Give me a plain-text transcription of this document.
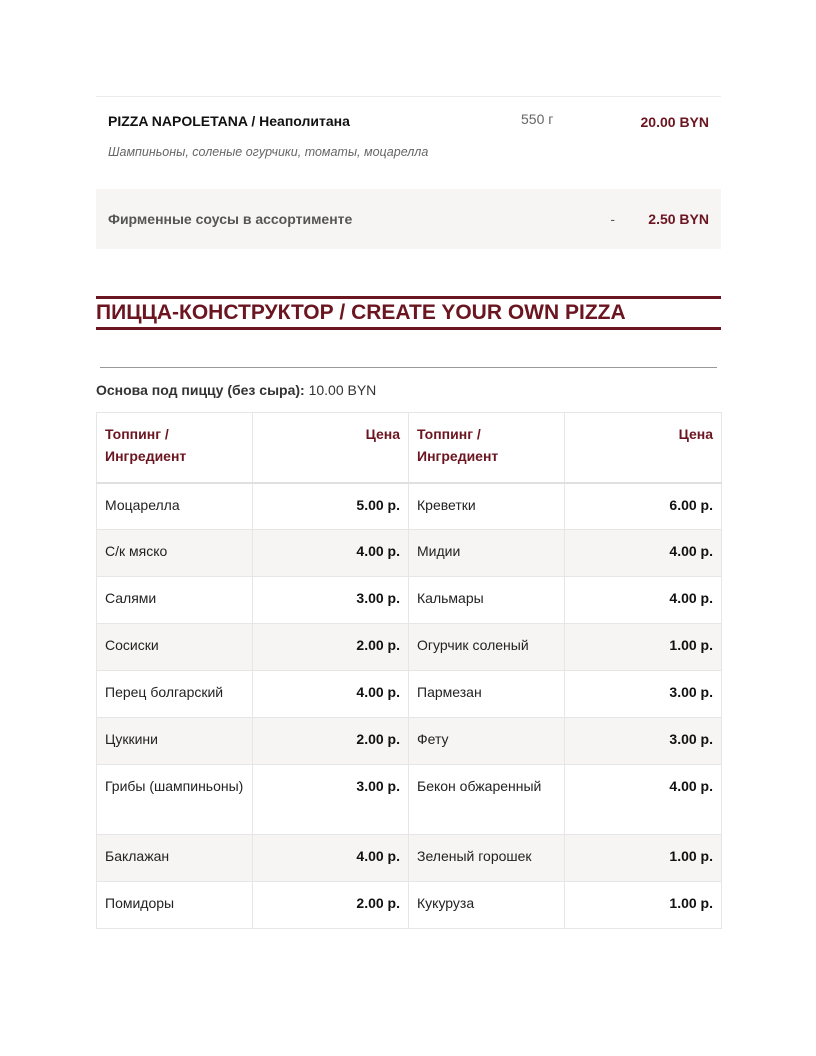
PIZZA NAPOLETANA / Неаполитана
Шампиньоны, соленые огурчики, томаты, моцарелла	550 г	20.00 BYN
Фирменные соусы в ассортименте	-	2.50 BYN
ПИЦЦА-КОНСТРУКТОР / CREATE YOUR OWN PIZZA
Основа под пиццу (без сыра): 10.00 BYN
Топпинг / Ингредиент	Цена	Топпинг / Ингредиент	Цена
Моцарелла	5.00 р.	Креветки	6.00 р.
С/к мяско	4.00 р.	Мидии	4.00 р.
Салями	3.00 р.	Кальмары	4.00 р.
Сосиски	2.00 р.	Огурчик соленый	1.00 р.
Перец болгарский	4.00 р.	Пармезан	3.00 р.
Цуккини	2.00 р.	Фету	3.00 р.
Грибы (шампиньоны)	3.00 р.	Бекон обжаренный	4.00 р.
Баклажан	4.00 р.	Зеленый горошек	1.00 р.
Помидоры	2.00 р.	Кукуруза	1.00 р.
